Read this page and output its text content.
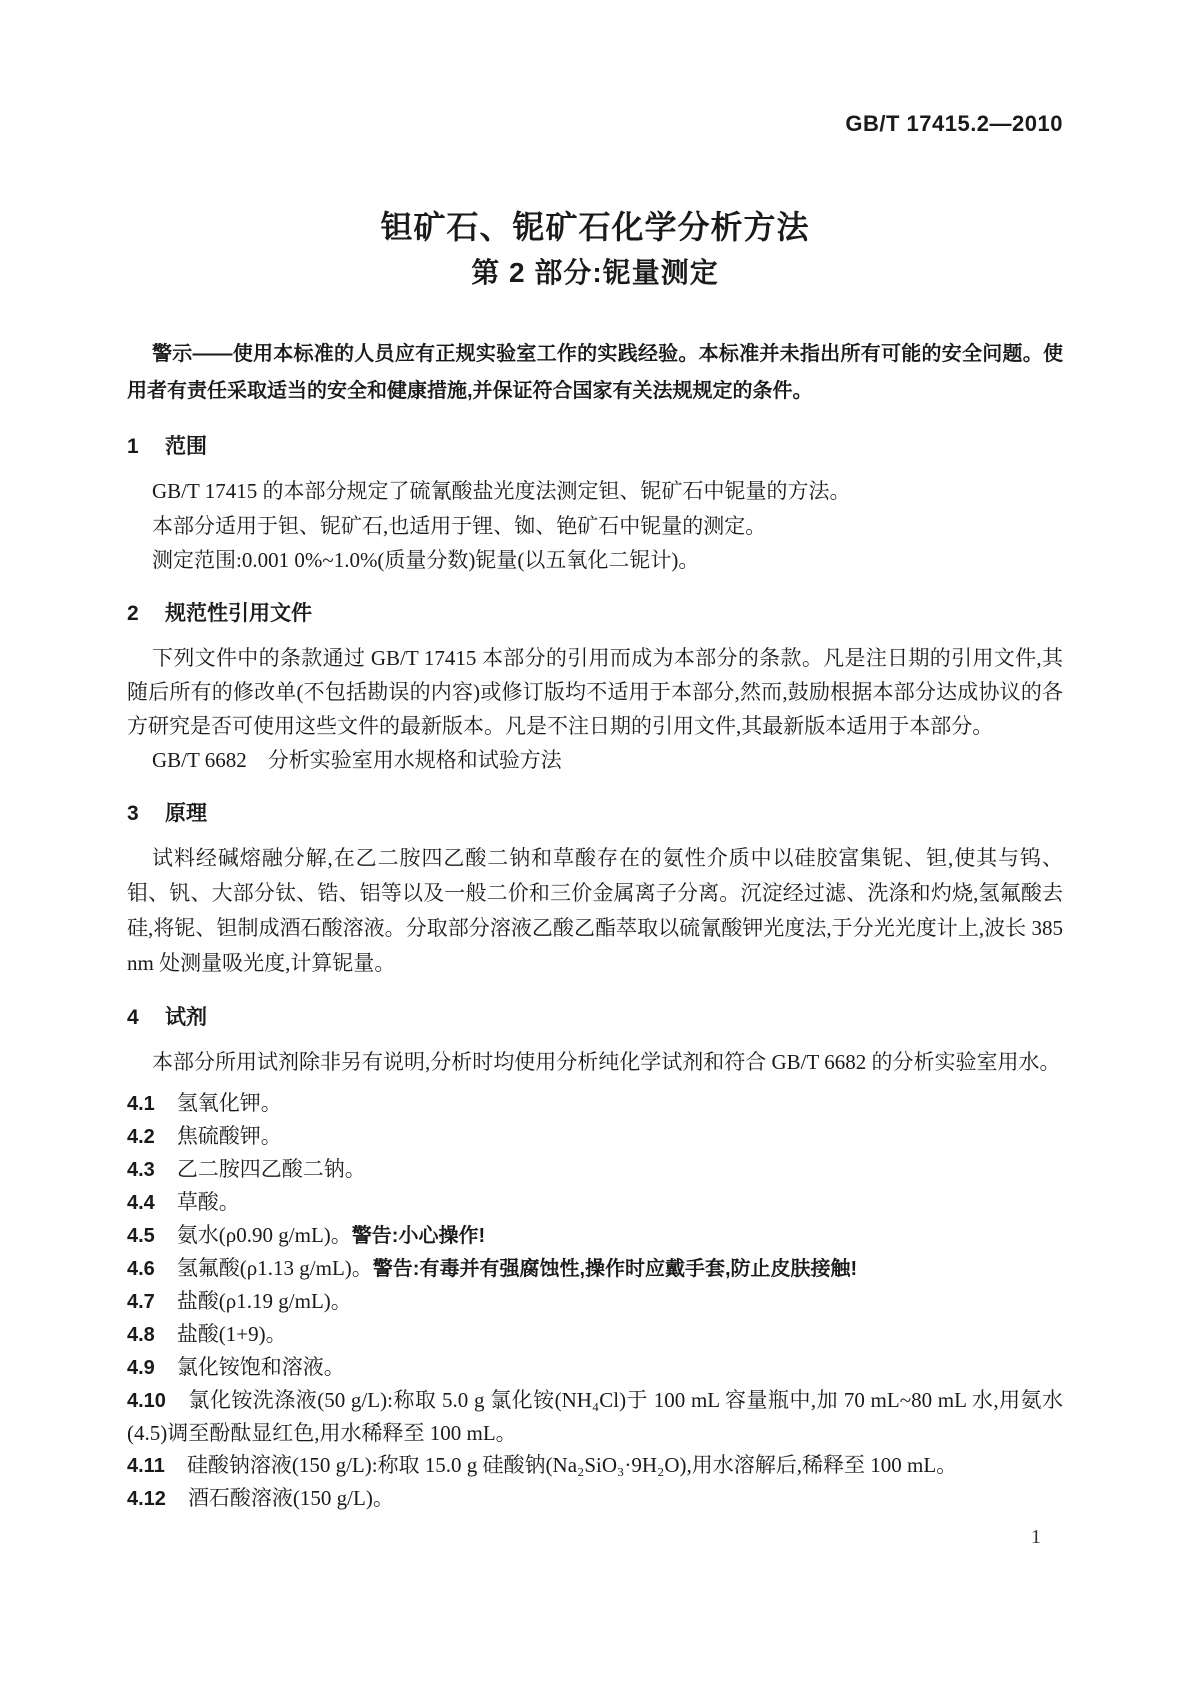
GB/T 17415.2—2010
钽矿石、铌矿石化学分析方法
第 2 部分:铌量测定

警示——使用本标准的人员应有正规实验室工作的实践经验。本标准并未指出所有可能的安全问题。使用者有责任采取适当的安全和健康措施,并保证符合国家有关法规规定的条件。

1 范围

GB/T 17415 的本部分规定了硫氰酸盐光度法测定钽、铌矿石中铌量的方法。

本部分适用于钽、铌矿石,也适用于锂、铷、铯矿石中铌量的测定。

测定范围:0.001 0%~1.0%(质量分数)铌量(以五氧化二铌计)。

2 规范性引用文件

下列文件中的条款通过 GB/T 17415 本部分的引用而成为本部分的条款。凡是注日期的引用文件,其随后所有的修改单(不包括勘误的内容)或修订版均不适用于本部分,然而,鼓励根据本部分达成协议的各方研究是否可使用这些文件的最新版本。凡是不注日期的引用文件,其最新版本适用于本部分。

GB/T 6682　分析实验室用水规格和试验方法

3 原理

试料经碱熔融分解,在乙二胺四乙酸二钠和草酸存在的氨性介质中以硅胶富集铌、钽,使其与钨、钼、钒、大部分钛、锆、铝等以及一般二价和三价金属离子分离。沉淀经过滤、洗涤和灼烧,氢氟酸去硅,将铌、钽制成酒石酸溶液。分取部分溶液乙酸乙酯萃取以硫氰酸钾光度法,于分光光度计上,波长 385 nm 处测量吸光度,计算铌量。

4 试剂

本部分所用试剂除非另有说明,分析时均使用分析纯化学试剂和符合 GB/T 6682 的分析实验室用水。

4.1 氢氧化钾。
4.2 焦硫酸钾。
4.3 乙二胺四乙酸二钠。
4.4 草酸。
4.5 氨水(ρ0.90 g/mL)。警告:小心操作!
4.6 氢氟酸(ρ1.13 g/mL)。警告:有毒并有强腐蚀性,操作时应戴手套,防止皮肤接触!
4.7 盐酸(ρ1.19 g/mL)。
4.8 盐酸(1+9)。
4.9 氯化铵饱和溶液。
4.10 氯化铵洗涤液(50 g/L):称取 5.0 g 氯化铵(NH₄Cl)于 100 mL 容量瓶中,加 70 mL~80 mL 水,用氨水(4.5)调至酚酞显红色,用水稀释至 100 mL。
4.11 硅酸钠溶液(150 g/L):称取 15.0 g 硅酸钠(Na₂SiO₃·9H₂O),用水溶解后,稀释至 100 mL。
4.12 酒石酸溶液(150 g/L)。
1
